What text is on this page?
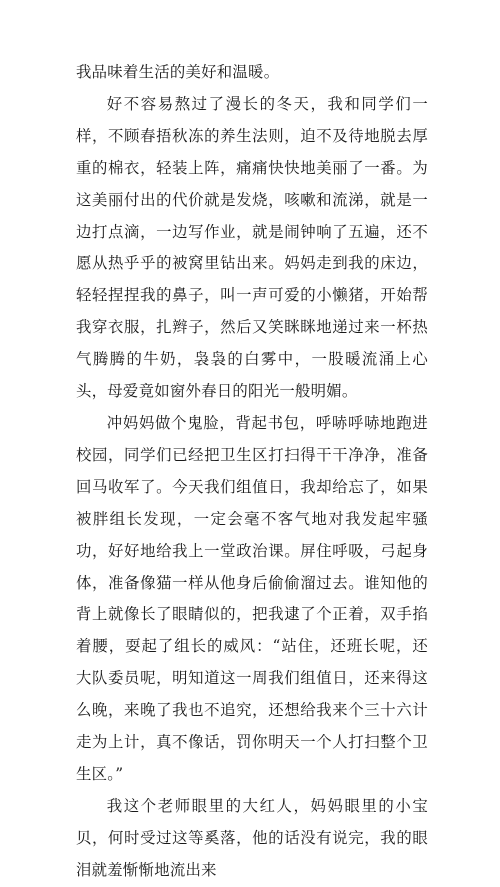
我品味着生活的美好和温暖。

好不容易熬过了漫长的冬天，我和同学们一样，不顾春捂秋冻的养生法则，迫不及待地脱去厚重的棉衣，轻装上阵，痛痛快快地美丽了一番。为这美丽付出的代价就是发烧，咳嗽和流涕，就是一边打点滴，一边写作业，就是闹钟响了五遍，还不愿从热乎乎的被窝里钻出来。妈妈走到我的床边，轻轻捏捏我的鼻子，叫一声可爱的小懒猪，开始帮我穿衣服，扎辫子，然后又笑眯眯地递过来一杯热气腾腾的牛奶，袅袅的白雾中，一股暖流涌上心头，母爱竟如窗外春日的阳光一般明媚。

冲妈妈做个鬼脸，背起书包，呼哧呼哧地跑进校园，同学们已经把卫生区打扫得干干净净，准备回马收军了。今天我们组值日，我却给忘了，如果被胖组长发现，一定会毫不客气地对我发起牢骚功，好好地给我上一堂政治课。屏住呼吸，弓起身体，准备像猫一样从他身后偷偷溜过去。谁知他的背上就像长了眼睛似的，把我逮了个正着，双手掐着腰，耍起了组长的威风：“站住，还班长呢，还大队委员呢，明知道这一周我们组值日，还来得这么晚，来晚了我也不追究，还想给我来个三十六计走为上计，真不像话，罚你明天一个人打扫整个卫生区。”

我这个老师眼里的大红人，妈妈眼里的小宝贝，何时受过这等奚落，他的话没有说完，我的眼泪就羞惭惭地流出来
